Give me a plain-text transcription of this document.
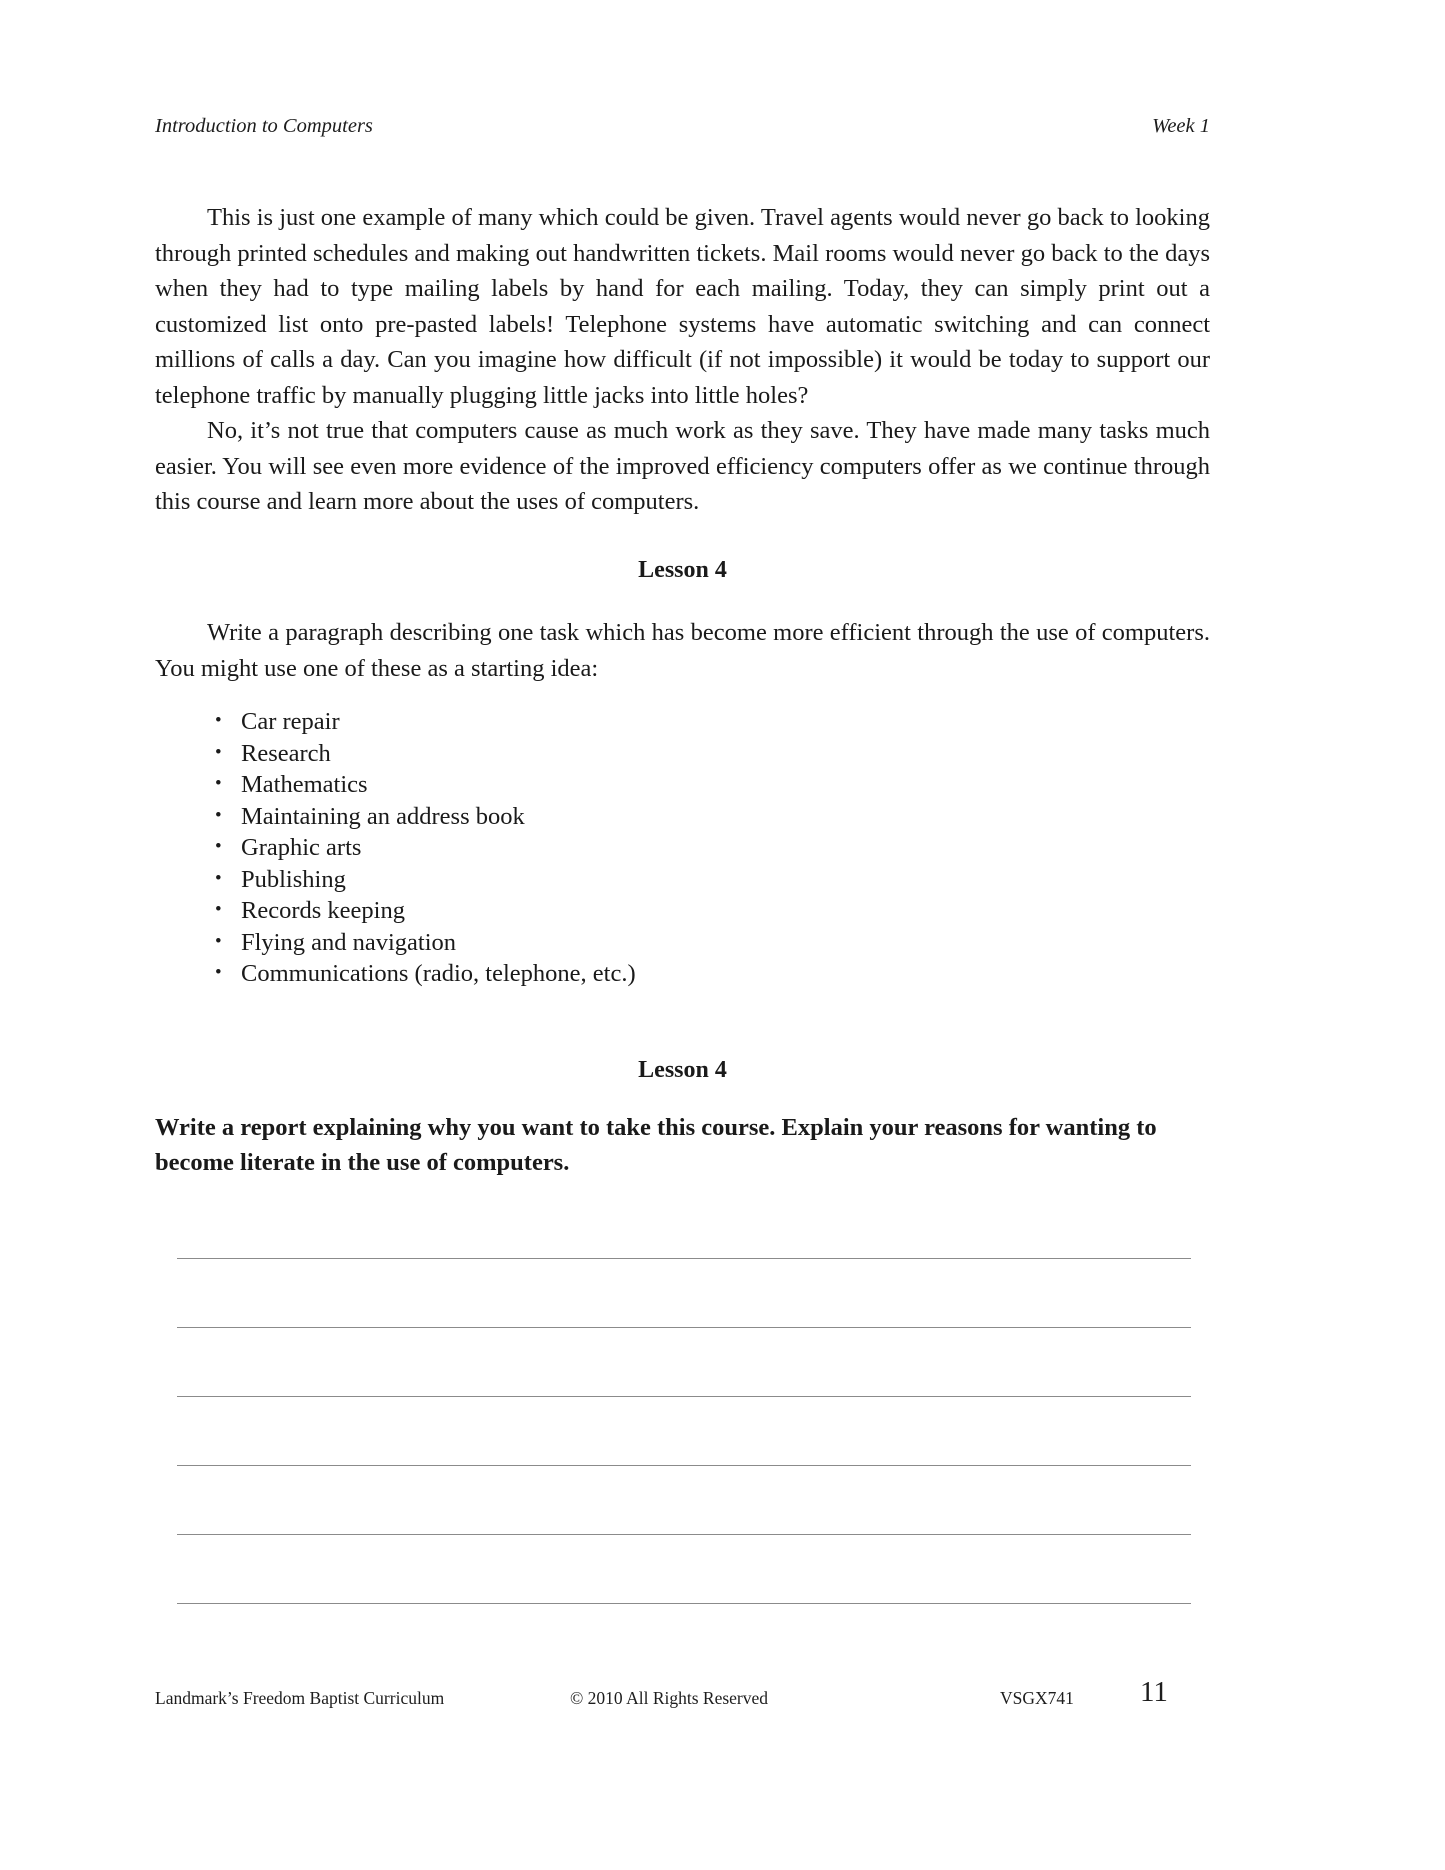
Introduction to Computers	Week 1

This is just one example of many which could be given. Travel agents would never go back to looking through printed schedules and making out handwritten tickets. Mail rooms would never go back to the days when they had to type mailing labels by hand for each mailing. Today, they can simply print out a customized list onto pre-pasted labels! Telephone systems have automatic switching and can connect millions of calls a day. Can you imagine how difficult (if not impossible) it would be today to support our telephone traffic by manually plugging little jacks into little holes?

No, it’s not true that computers cause as much work as they save. They have made many tasks much easier. You will see even more evidence of the improved efficiency computers offer as we continue through this course and learn more about the uses of computers.

Lesson 4

Write a paragraph describing one task which has become more efficient through the use of computers. You might use one of these as a starting idea:

• Car repair
• Research
• Mathematics
• Maintaining an address book
• Graphic arts
• Publishing
• Records keeping
• Flying and navigation
• Communications (radio, telephone, etc.)
Lesson 4

Write a report explaining why you want to take this course. Explain your reasons for wanting to become literate in the use of computers.

Landmark’s Freedom Baptist Curriculum	© 2010 All Rights Reserved	VSGX741 11
